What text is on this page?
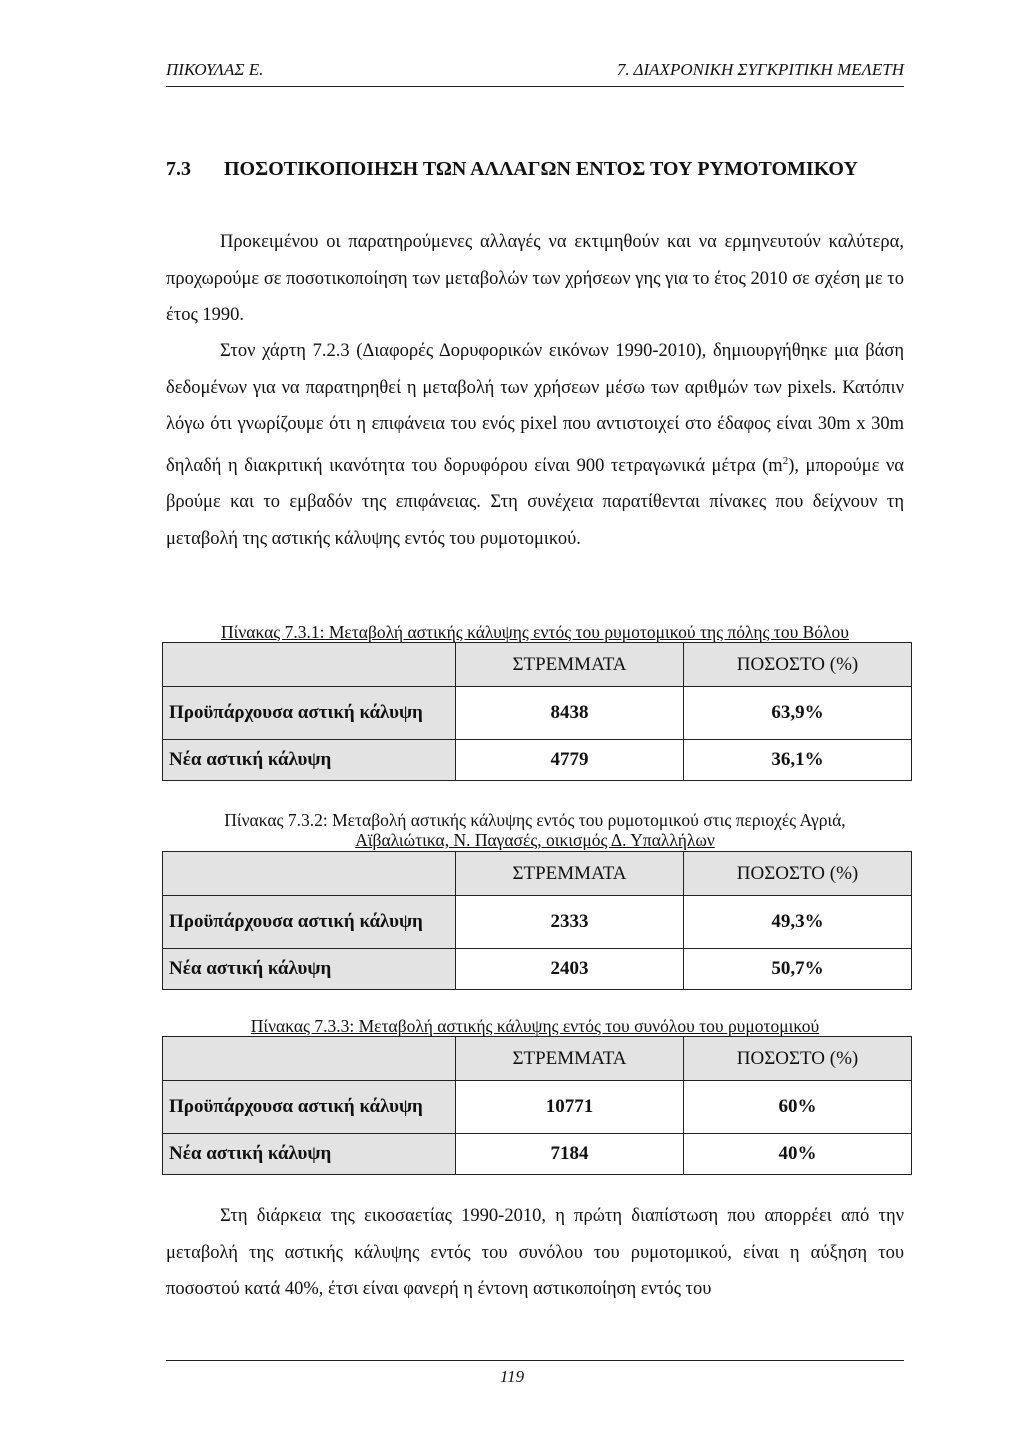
ΠΙΚΟΥΛΑΣ Ε.	7. ΔΙΑΧΡΟΝΙΚΗ ΣΥΓΚΡΙΤΙΚΗ ΜΕΛΕΤΗ
7.3 ΠΟΣΟΤΙΚΟΠΟΙΗΣΗ ΤΩΝ ΑΛΛΑΓΩΝ ΕΝΤΟΣ ΤΟΥ ΡΥΜΟΤΟΜΙΚΟΥ

Προκειμένου οι παρατηρούμενες αλλαγές να εκτιμηθούν και να ερμηνευτούν καλύτερα, προχωρούμε σε ποσοτικοποίηση των μεταβολών των χρήσεων γης για το έτος 2010 σε σχέση με το έτος 1990.

Στον χάρτη 7.2.3 (Διαφορές Δορυφορικών εικόνων 1990-2010), δημιουργήθηκε μια βάση δεδομένων για να παρατηρηθεί η μεταβολή των χρήσεων μέσω των αριθμών των pixels. Κατόπιν λόγω ότι γνωρίζουμε ότι η επιφάνεια του ενός pixel που αντιστοιχεί στο έδαφος είναι 30m x 30m δηλαδή η διακριτική ικανότητα του δορυφόρου είναι 900 τετραγωνικά μέτρα $(m^2)$, μπορούμε να βρούμε και το εμβαδόν της επιφάνειας. Στη συνέχεια παρατίθενται πίνακες που δείχνουν τη μεταβολή της αστικής κάλυψης εντός του ρυμοτομικού.

Πίνακας 7.3.1: Μεταβολή αστικής κάλυψης εντός του ρυμοτομικού της πόλης του Βόλου
	ΣΤΡΕΜΜΑΤΑ	ΠΟΣΟΣΤΟ (%)
Προϋπάρχουσα αστική κάλυψη	8438	63,9%
Νέα αστική κάλυψη	4779	36,1%
Πίνακας 7.3.2: Μεταβολή αστικής κάλυψης εντός του ρυμοτομικού στις περιοχές Αγριά,
Αϊβαλιώτικα, Ν. Παγασές, οικισμός Δ. Υπαλλήλων
	ΣΤΡΕΜΜΑΤΑ	ΠΟΣΟΣΤΟ (%)
Προϋπάρχουσα αστική κάλυψη	2333	49,3%
Νέα αστική κάλυψη	2403	50,7%
Πίνακας 7.3.3: Μεταβολή αστικής κάλυψης εντός του συνόλου του ρυμοτομικού
	ΣΤΡΕΜΜΑΤΑ	ΠΟΣΟΣΤΟ (%)
Προϋπάρχουσα αστική κάλυψη	10771	60%
Νέα αστική κάλυψη	7184	40%

Στη διάρκεια της εικοσαετίας 1990-2010, η πρώτη διαπίστωση που απορρέει από την μεταβολή της αστικής κάλυψης εντός του συνόλου του ρυμοτομικού, είναι η αύξηση του ποσοστού κατά 40%, έτσι είναι φανερή η έντονη αστικοποίηση εντός του

119
